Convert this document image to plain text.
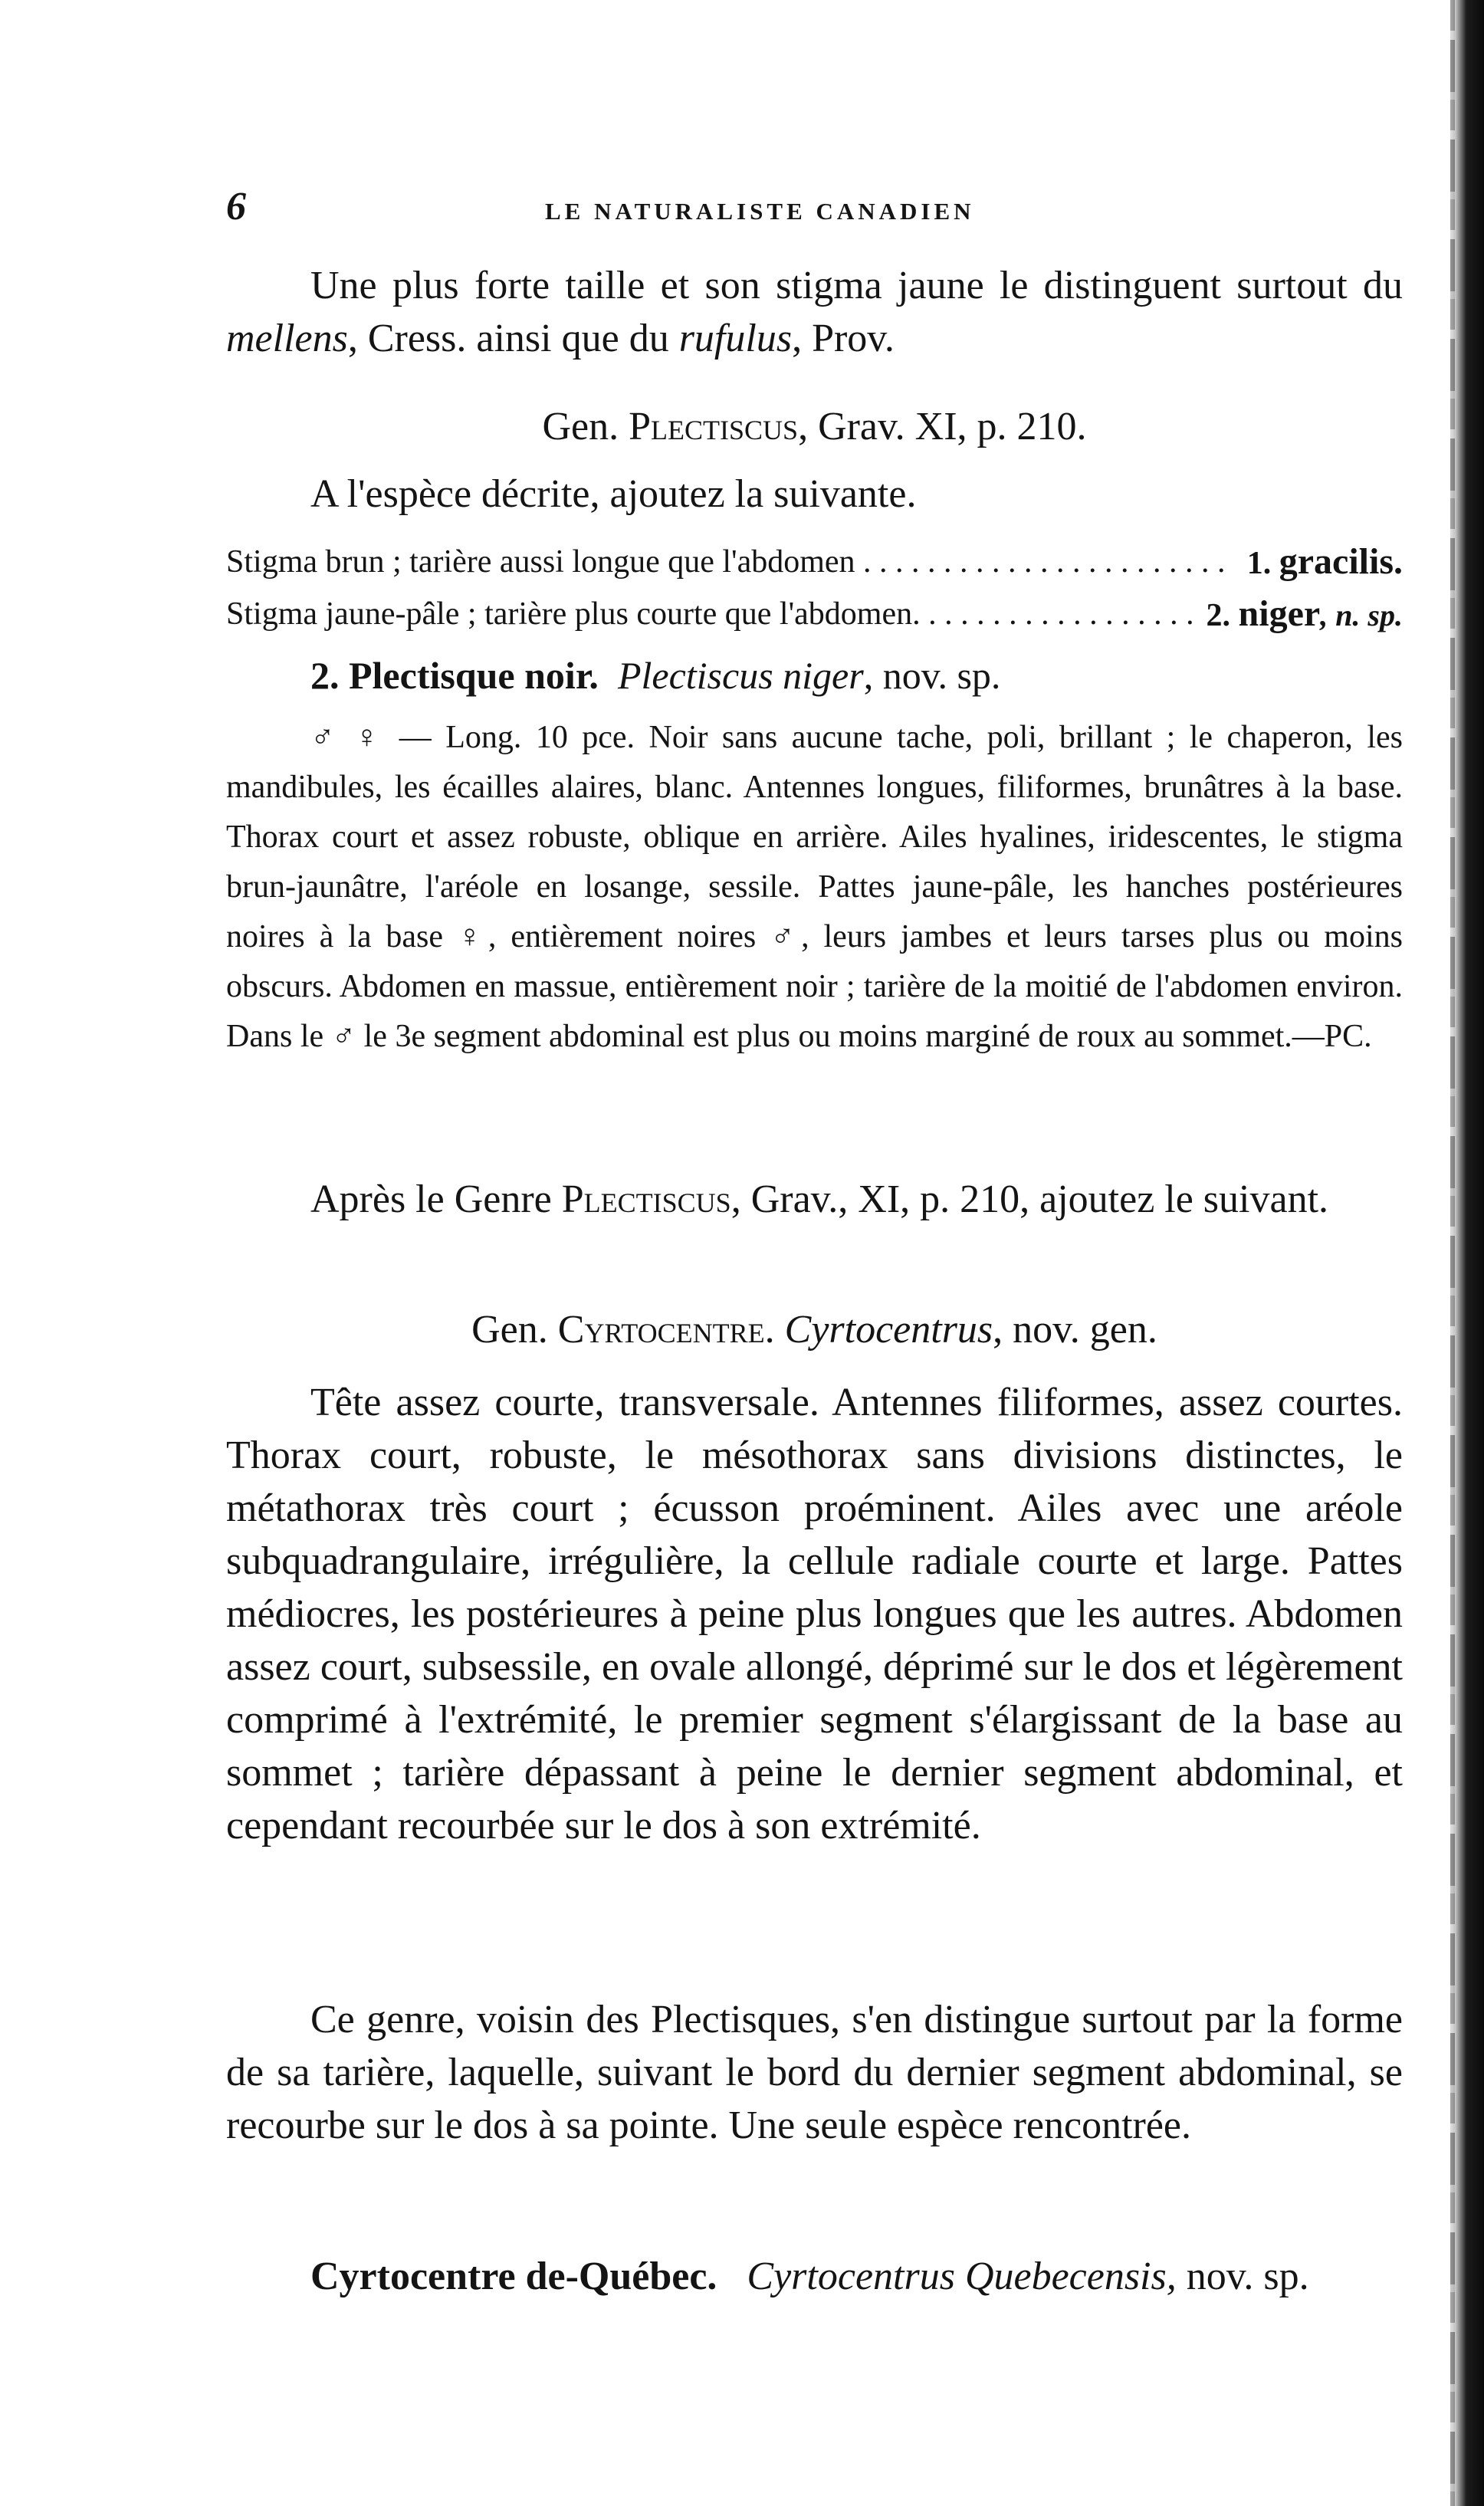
6	LE NATURALISTE CANADIEN

Une plus forte taille et son stigma jaune le distinguent surtout du mellens, Cress. ainsi que du rufulus, Prov.

Gen. Plectiscus, Grav. XI, p. 210.

A l'espèce décrite, ajoutez la suivante.

Stigma brun ; tarière aussi longue que l'abdomen . . .	1. gracilis.
Stigma jaune-pâle ; tarière plus courte que l'abdomen. . . .	2. niger, n. sp.

2. Plectisque noir. Plectiscus niger, nov. sp.

♂ ♀ — Long. 10 pce. Noir sans aucune tache, poli, brillant ; le chaperon, les mandibules, les écailles alaires, blanc. Antennes longues, filiformes, brunâtres à la base. Thorax court et assez robuste, oblique en arrière. Ailes hyalines, iridescentes, le stigma brun-jaunâtre, l'aréole en losange, sessile. Pattes jaune-pâle, les hanches postérieures noires à la base ♀, entièrement noires ♂, leurs jambes et leurs tarses plus ou moins obscurs. Abdomen en massue, entièrement noir ; tarière de la moitié de l'abdomen environ. Dans le ♂ le 3e segment abdominal est plus ou moins marginé de roux au sommet.—PC.

Après le Genre Plectiscus, Grav., XI, p. 210, ajoutez le suivant.

Gen. Cyrtocentre. Cyrtocentrus, nov. gen.

Tête assez courte, transversale. Antennes filiformes, assez courtes. Thorax court, robuste, le mésothorax sans divisions distinctes, le métathorax très court ; écusson proéminent. Ailes avec une aréole subquadrangulaire, irrégulière, la cellule radiale courte et large. Pattes médiocres, les postérieures à peine plus longues que les autres. Abdomen assez court, subsessile, en ovale allongé, déprimé sur le dos et légèrement comprimé à l'extrémité, le premier segment s'élargissant de la base au sommet ; tarière dépassant à peine le dernier segment abdominal, et cependant recourbée sur le dos à son extrémité.

Ce genre, voisin des Plectisques, s'en distingue surtout par la forme de sa tarière, laquelle, suivant le bord du dernier segment abdominal, se recourbe sur le dos à sa pointe. Une seule espèce rencontrée.

Cyrtocentre de-Québec. Cyrtocentrus Quebecensis, nov. sp.
